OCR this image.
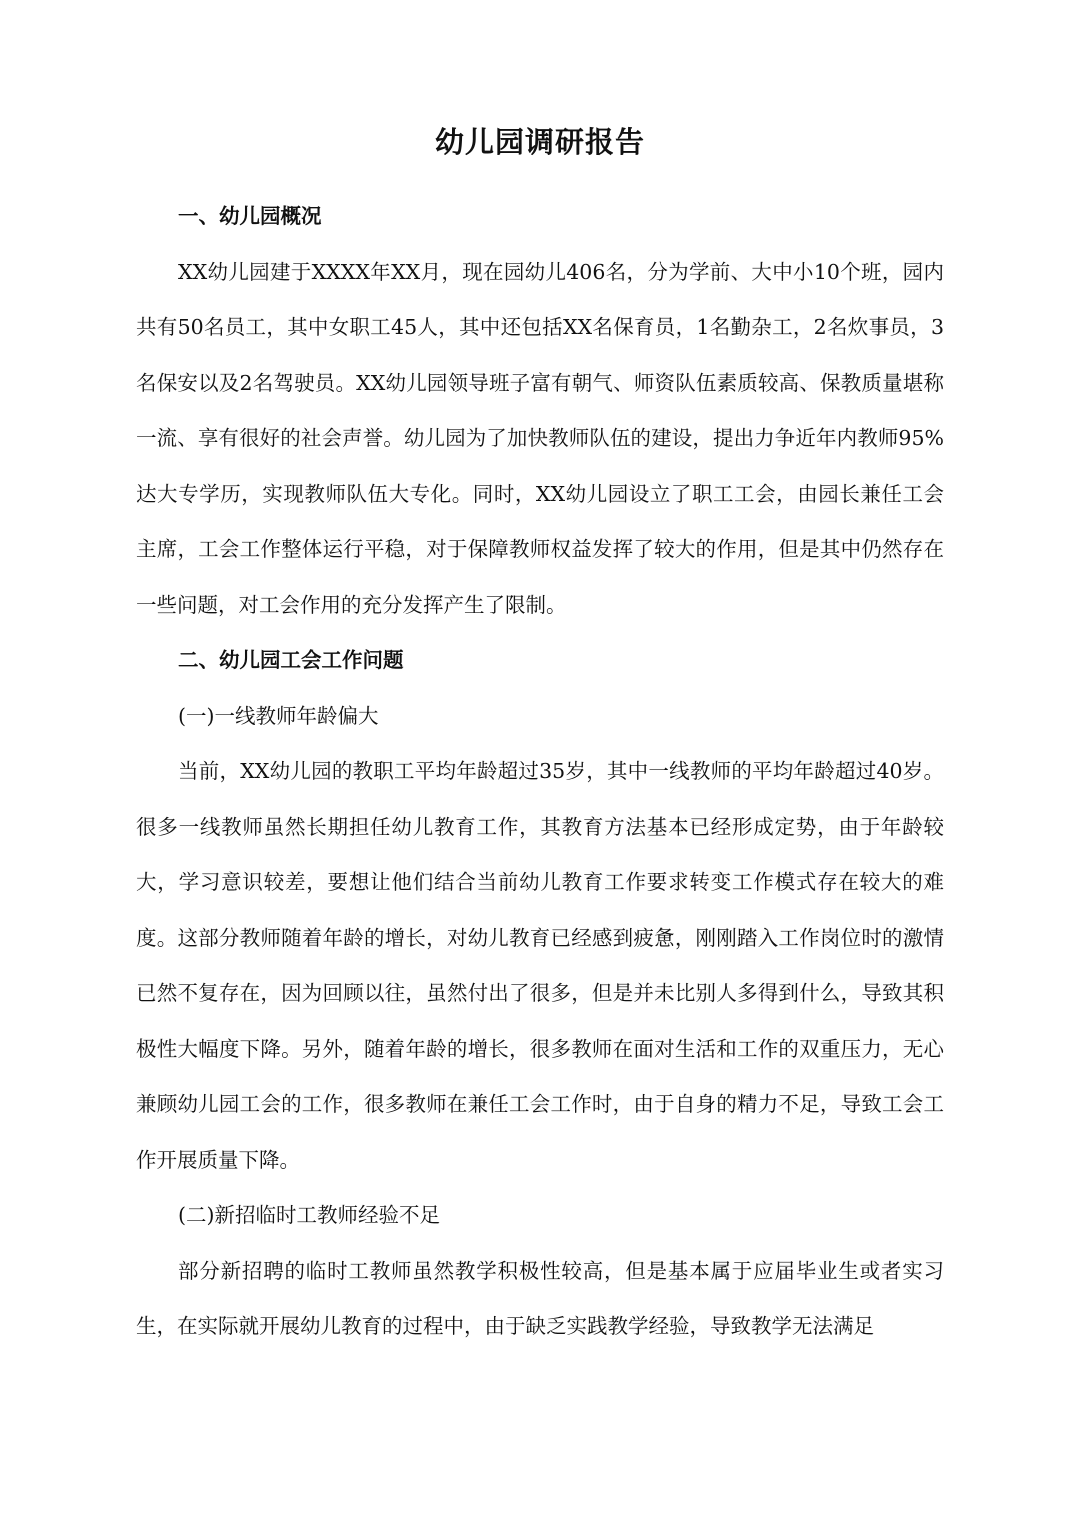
幼儿园调研报告

一、幼儿园概况

XX幼儿园建于XXXX年XX月，现在园幼儿406名，分为学前、大中小10个班，园内共有50名员工，其中女职工45人，其中还包括XX名保育员，1名勤杂工，2名炊事员，3名保安以及2名驾驶员。XX幼儿园领导班子富有朝气、师资队伍素质较高、保教质量堪称一流、享有很好的社会声誉。幼儿园为了加快教师队伍的建设，提出力争近年内教师95%达大专学历，实现教师队伍大专化。同时，XX幼儿园设立了职工工会，由园长兼任工会主席，工会工作整体运行平稳，对于保障教师权益发挥了较大的作用，但是其中仍然存在一些问题，对工会作用的充分发挥产生了限制。

二、幼儿园工会工作问题

(一)一线教师年龄偏大

当前，XX幼儿园的教职工平均年龄超过35岁，其中一线教师的平均年龄超过40岁。很多一线教师虽然长期担任幼儿教育工作，其教育方法基本已经形成定势，由于年龄较大，学习意识较差，要想让他们结合当前幼儿教育工作要求转变工作模式存在较大的难度。这部分教师随着年龄的增长，对幼儿教育已经感到疲惫，刚刚踏入工作岗位时的激情已然不复存在，因为回顾以往，虽然付出了很多，但是并未比别人多得到什么，导致其积极性大幅度下降。另外，随着年龄的增长，很多教师在面对生活和工作的双重压力，无心兼顾幼儿园工会的工作，很多教师在兼任工会工作时，由于自身的精力不足，导致工会工作开展质量下降。

(二)新招临时工教师经验不足

部分新招聘的临时工教师虽然教学积极性较高，但是基本属于应届毕业生或者实习生，在实际就开展幼儿教育的过程中，由于缺乏实践教学经验，导致教学无法满足
